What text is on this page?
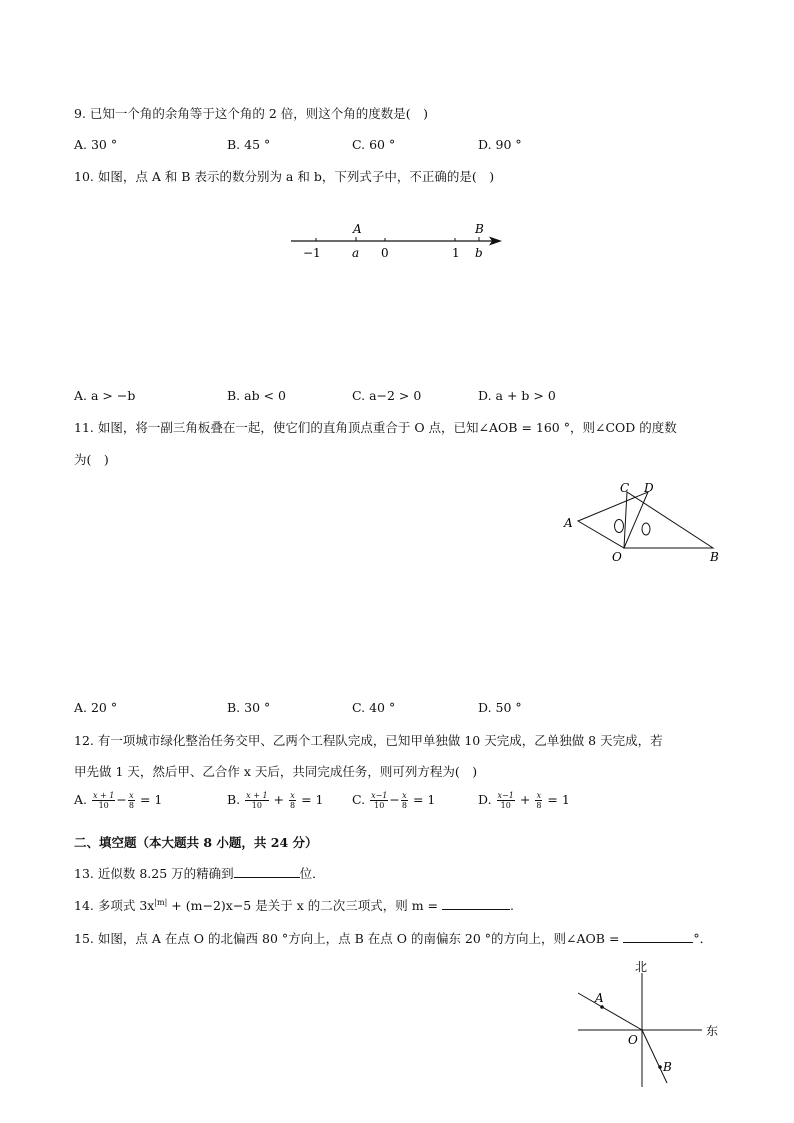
9. 已知一个角的余角等于这个角的 2 倍，则这个角的度数是(　)
A. 30 °	B. 45 °	C. 60 °	D. 90 °
10. 如图，点 A 和 B 表示的数分别为 a 和 b，下列式子中，不正确的是(　)
A	B
−1	a 0	1 b
A. a > −b	B. ab < 0	C. a−2 > 0	D. a + b > 0
11. 如图，将一副三角板叠在一起，使它们的直角顶点重合于 O 点，已知∠AOB = 160 °，则∠COD 的度数
为(　)
C D
A
O	B
A. 20 °	B. 30 °	C. 40 °	D. 50 °
12. 有一项城市绿化整治任务交甲、乙两个工程队完成，已知甲单独做 10 天完成，乙单独做 8 天完成，若
甲先做 1 天，然后甲、乙合作 x 天后，共同完成任务，则可列方程为(　)
A. $\frac{x + 1}{10} - \frac{x}{8} = 1$	B. $\frac{x + 1}{10} + \frac{x}{8} = 1$ C. $\frac{x-1}{10} - \frac{x}{8} = 1$	D. $\frac{x-1}{10} + \frac{x}{8} = 1$
二、填空题（本大题共 8 小题，共 24 分）
13. 近似数 8.25 万的精确到	位．
14. 多项式 $3x^{|m|} + (m-2)x-5$ 是关于 x 的二次三项式，则 m =	.
15. 如图，点 A 在点 O 的北偏西 80 °方向上，点 B 在点 O 的南偏东 20 °的方向上，则∠AOB =	°．
北
东
A
O
B
